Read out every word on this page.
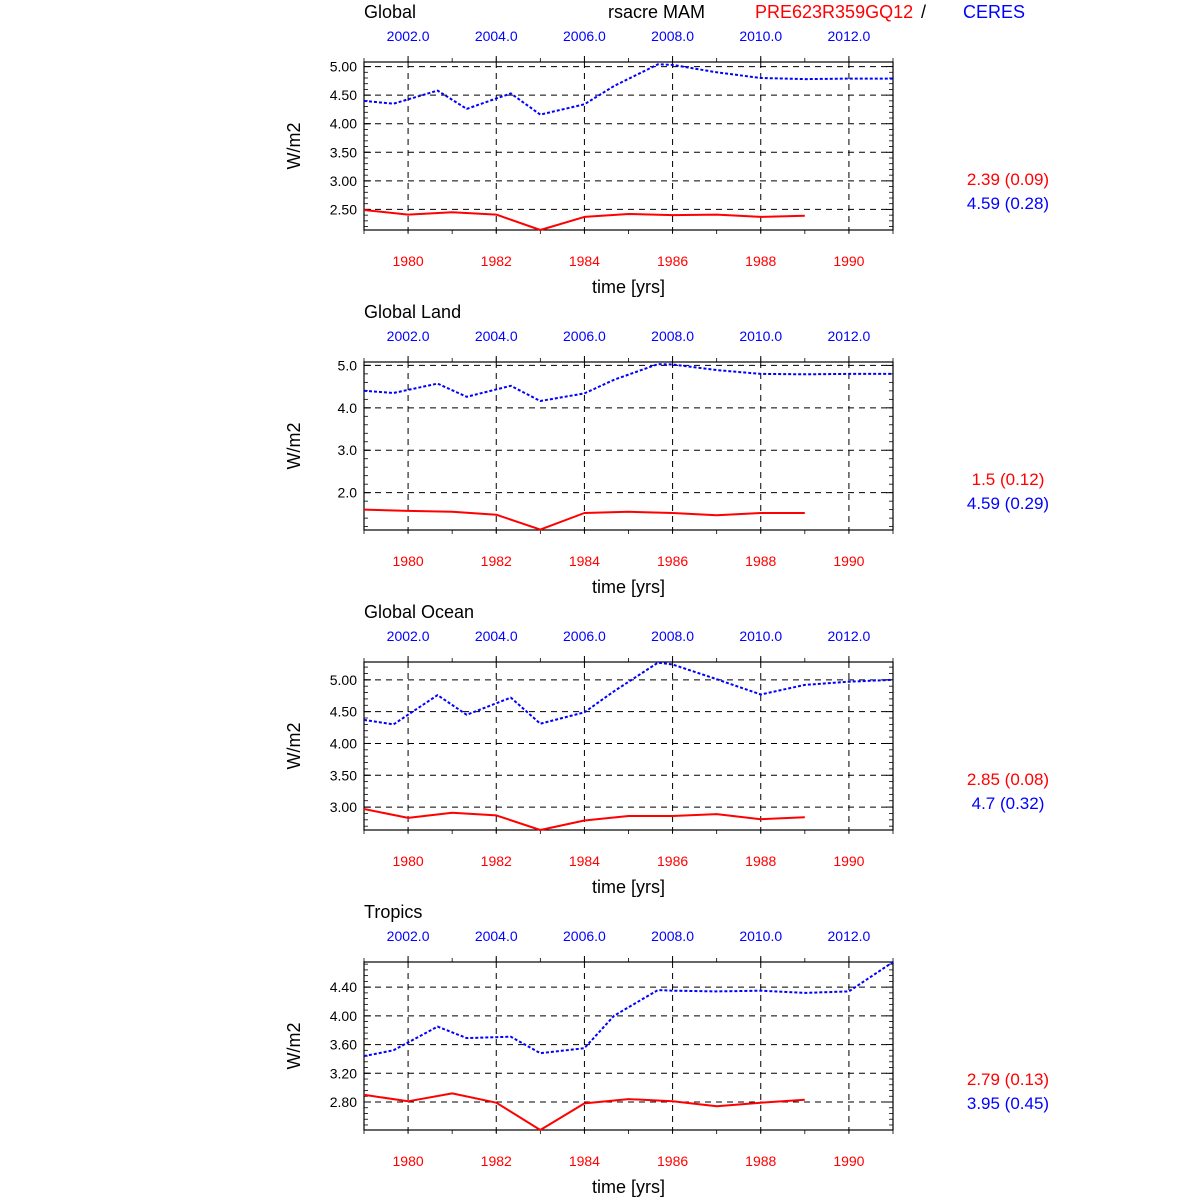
rsacre MAM	PRE623R359GQ12 / CERES
Global
2.50
3.00
3.50
4.00
4.50
5.00
1980	1982	1984	1986	1988	1990
2002.0	2004.0	2006.0	2008.0	2010.0	2012.0
W/m2
time [yrs]
2.39 (0.09)
4.59 (0.28)
Global Land
2.0
3.0
4.0
5.0
1980	1982	1984	1986	1988	1990
2002.0	2004.0	2006.0	2008.0	2010.0	2012.0
W/m2
time [yrs]
1.5 (0.12)
4.59 (0.29)
Global Ocean
3.00
3.50
4.00
4.50
5.00
1980	1982	1984	1986	1988	1990
2002.0	2004.0	2006.0	2008.0	2010.0	2012.0
W/m2
time [yrs]
2.85 (0.08)
4.7 (0.32)
Tropics
2.80
3.20
3.60
4.00
4.40
1980	1982	1984	1986	1988	1990
2002.0	2004.0	2006.0	2008.0	2010.0	2012.0
W/m2
time [yrs]
2.79 (0.13)
3.95 (0.45)
